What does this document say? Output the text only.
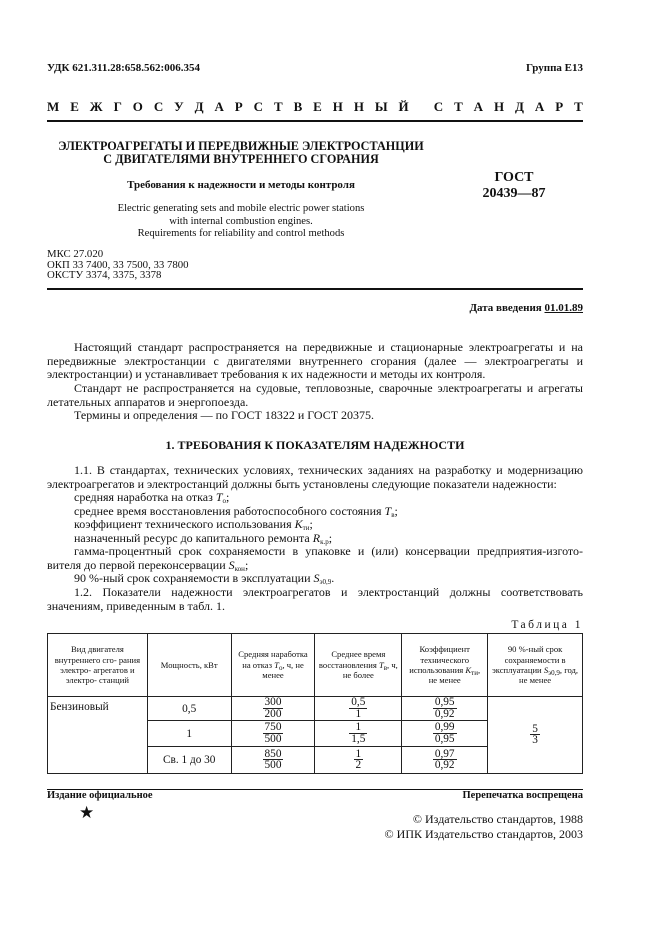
УДК 621.311.28:658.562:006.354	Группа Е13
М Е Ж Г О С У Д А Р С Т В Е Н Н Ы Й
С Т А Н Д А Р Т
ЭЛЕКТРОАГРЕГАТЫ И ПЕРЕДВИЖНЫЕ ЭЛЕКТРОСТАНЦИИ
С ДВИГАТЕЛЯМИ ВНУТРЕННЕГО СГОРАНИЯ
Требования к надежности и методы контроля
Electric generating sets and mobile electric power stations
with internal combustion engines.
Requirements for reliability and control methods
ГОСТ
20439—87
МКС 27.020
ОКП 33 7400, 33 7500, 33 7800
ОКСТУ 3374, 3375, 3378
Дата введения 01.01.89

Настоящий стандарт распространяется на передвижные и стационарные электроагрегаты и на передвижные электростанции с двигателями внутреннего сгорания (далее — электроагрегаты и электростанции) и устанавливает требования к их надежности и методы их контроля.

Стандарт не распространяется на судовые, тепловозные, сварочные электроагрегаты и агрегаты летательных аппаратов и энергопоезда.

Термины и определения — по ГОСТ 18322 и ГОСТ 20375.

1. ТРЕБОВАНИЯ К ПОКАЗАТЕЛЯМ НАДЕЖНОСТИ

1.1. В стандартах, технических условиях, технических заданиях на разработку и модернизацию электроагрегатов и электростанций должны быть установлены следующие показатели надежности:

средняя наработка на отказ $T_о$;
среднее время восстановления работоспособного состояния $T_в$;
коэффициент технического использования $K_{ти}$;
назначенный ресурс до капитального ремонта $R_{к.р}$;
гамма-процентный срок сохраняемости в упаковке и (или) консервации предприятия-изгото-
вителя до первой переконсервации $S_{кон}$;
90 %-ный срок сохраняемости в эксплуатации $S_{э0,9}$.

1.2. Показатели надежности электроагрегатов и электростанций должны соответствовать значениям, приведенным в табл. 1.

Таблица 1
Вид двигателя внутреннего сго- рания электро- агрегатов и электро- станций	Мощность, кВт	Средняя наработка на отказ $T_о$, ч, не менее	Среднее время восстановления $T_в$, ч, не более	Коэффициент технического использования $K_{ти}$, не менее	90 %-ный срок сохраняемости в эксплуатации $S_{э0,9}$, год, не менее
Бензиновый	0,5	$\frac{300}{200}$	$\frac{0,5}{1}$	$\frac{0,95}{0,92}$	$\frac{5}{3}$

	1	$\frac{750}{500}$	$\frac{1}{1,5}$	$\frac{0,99}{0,95}$

	Св. 1 до 30	$\frac{850}{500}$	$\frac{1}{2}$	$\frac{0,97}{0,92}$
Издание официальное	Перепечатка воспрещена
★	© Издательство стандартов, 1988
© ИПК Издательство стандартов, 2003
